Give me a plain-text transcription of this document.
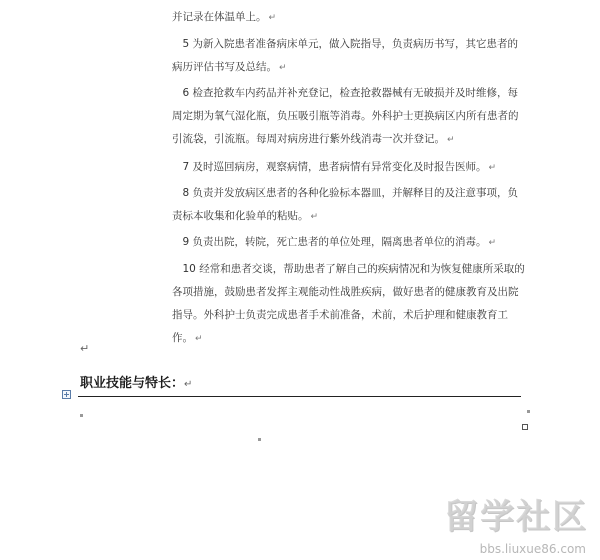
并记录在体温单上。 ↵

　5 为新入院患者准备病床单元，做入院指导，负责病历书写，其它患者的病历评估书写及总结。 ↵

　6 检查抢救车内药品并补充登记，检查抢救器械有无破损并及时维修，每周定期为氧气湿化瓶，负压吸引瓶等消毒。外科护士更换病区内所有患者的引流袋，引流瓶。每周对病房进行紫外线消毒一次并登记。 ↵

　7 及时巡回病房，观察病情，患者病情有异常变化及时报告医师。 ↵

　8 负责并发放病区患者的各种化验标本器皿，并解释目的及注意事项，负责标本收集和化验单的粘贴。 ↵

　9 负责出院，转院，死亡患者的单位处理，隔离患者单位的消毒。 ↵

　10 经常和患者交谈，帮助患者了解自己的疾病情况和为恢复健康所采取的各项措施，鼓励患者发挥主观能动性战胜疾病，做好患者的健康教育及出院指导。外科护士负责完成患者手术前准备，术前，术后护理和健康教育工作。 ↵

↵
职业技能与特长：↵
留学社区
bbs.liuxue86.com
